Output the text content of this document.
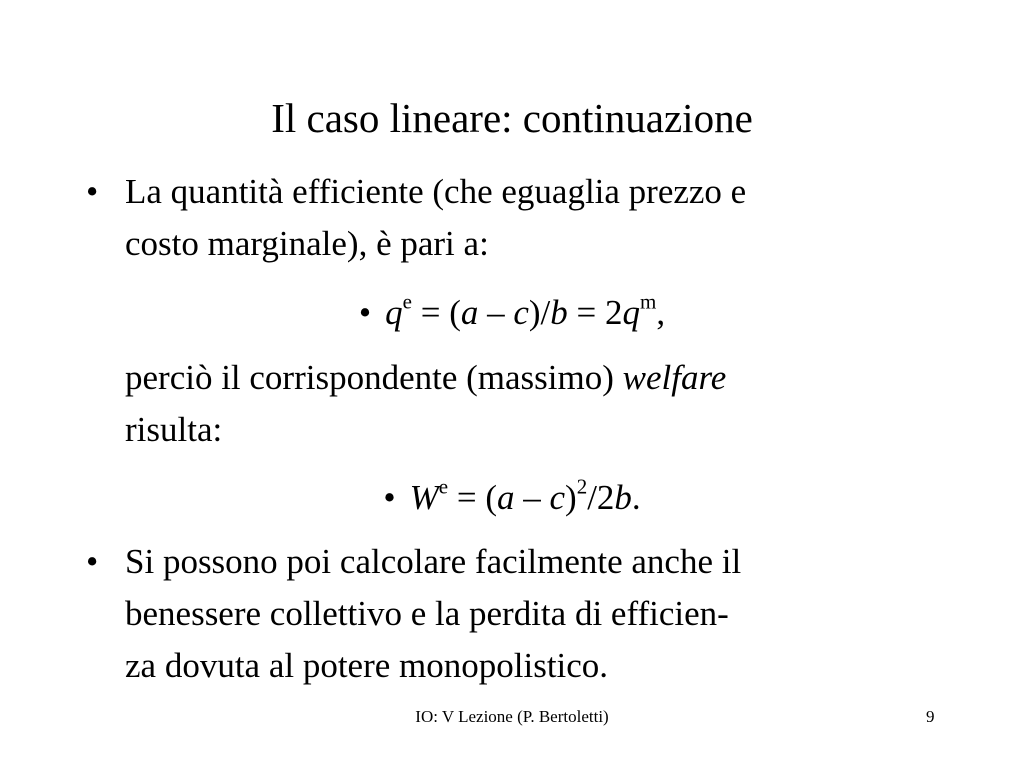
Il caso lineare: continuazione
• La quantità efficiente (che eguaglia prezzo e
costo marginale), è pari a:
• $q^e = (a - c)/b = 2q^m$,
perciò il corrispondente (massimo) welfare
risulta:
• $W^e = (a - c)^2/2b$.
• Si possono poi calcolare facilmente anche il
benessere collettivo e la perdita di efficien-
za dovuta al potere monopolistico.
IO: V Lezione (P. Bertoletti)	9
